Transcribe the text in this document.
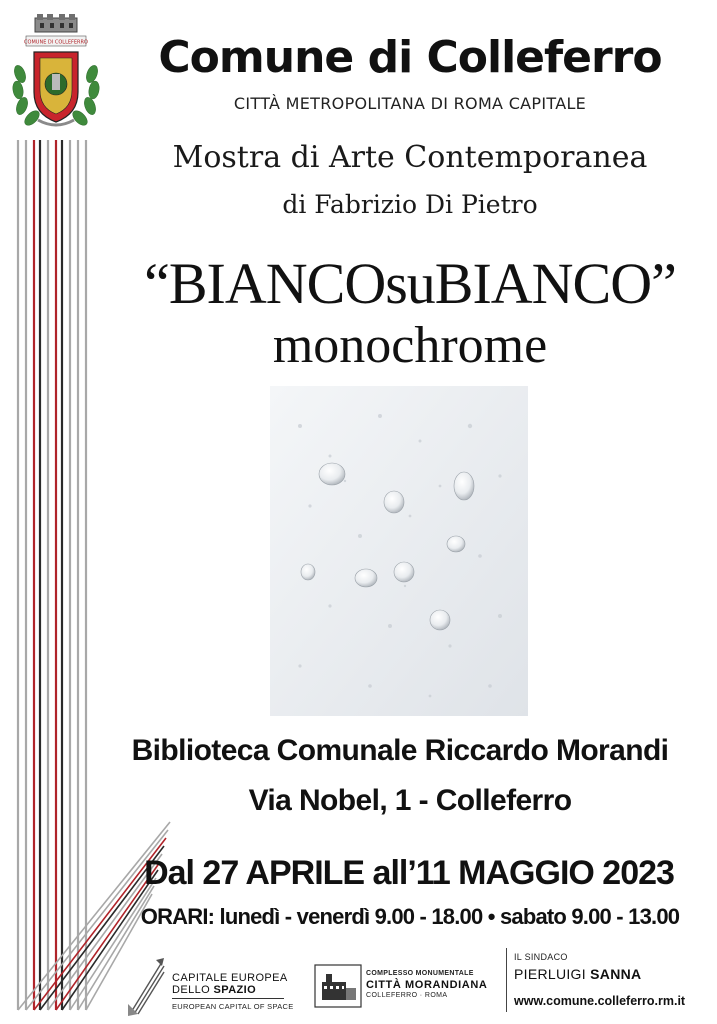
COMUNE DI COLLEFERRO	Comune di Colleferro
CITTÀ METROPOLITANA DI ROMA CAPITALE
Mostra di Arte Contemporanea
di Fabrizio Di Pietro
“BIANCOsuBIANCO”
monochrome
Biblioteca Comunale Riccardo Morandi
Via Nobel, 1 - Colleferro
Dal 27 APRILE all’11 MAGGIO 2023
ORARI: lunedì - venerdì 9.00 - 18.00 • sabato 9.00 - 13.00
CAPITALE EUROPEA
DELLO SPAZIO
EUROPEAN CAPITAL OF SPACE
COMPLESSO MONUMENTALE
CITTÀ MORANDIANA
COLLEFERRO · ROMA
IL SINDACO
PIERLUIGI SANNA
www.comune.colleferro.rm.it
